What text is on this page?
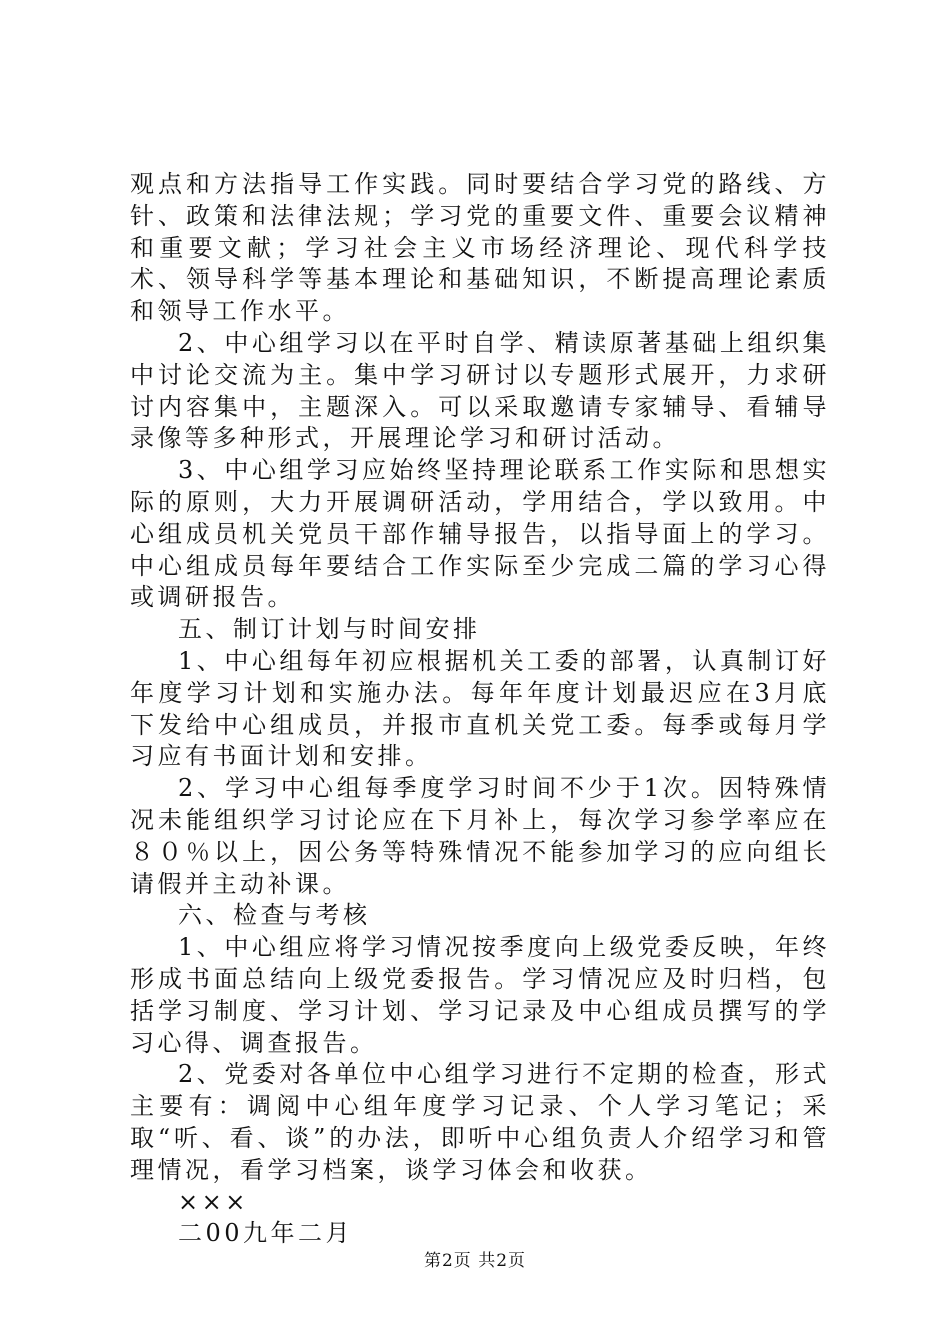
观点和方法指导工作实践。同时要结合学习党的路线、方针、政策和法律法规；学习党的重要文件、重要会议精神和重要文献；学习社会主义市场经济理论、现代科学技术、领导科学等基本理论和基础知识，不断提高理论素质和领导工作水平。

2、中心组学习以在平时自学、精读原著基础上组织集中讨论交流为主。集中学习研讨以专题形式展开，力求研讨内容集中，主题深入。可以采取邀请专家辅导、看辅导录像等多种形式，开展理论学习和研讨活动。

3、中心组学习应始终坚持理论联系工作实际和思想实际的原则，大力开展调研活动，学用结合，学以致用。中心组成员机关党员干部作辅导报告，以指导面上的学习。中心组成员每年要结合工作实际至少完成二篇的学习心得或调研报告。

五、制订计划与时间安排

1、中心组每年初应根据机关工委的部署，认真制订好年度学习计划和实施办法。每年年度计划最迟应在3月底下发给中心组成员，并报市直机关党工委。每季或每月学习应有书面计划和安排。

2、学习中心组每季度学习时间不少于1次。因特殊情况未能组织学习讨论应在下月补上，每次学习参学率应在８０％以上，因公务等特殊情况不能参加学习的应向组长请假并主动补课。

六、检查与考核

1、中心组应将学习情况按季度向上级党委反映，年终形成书面总结向上级党委报告。学习情况应及时归档，包括学习制度、学习计划、学习记录及中心组成员撰写的学习心得、调查报告。

2、党委对各单位中心组学习进行不定期的检查，形式主要有：调阅中心组年度学习记录、个人学习笔记；采取“听、看、谈”的办法，即听中心组负责人介绍学习和管理情况，看学习档案，谈学习体会和收获。

×××

二00九年二月

第2页 共2页
